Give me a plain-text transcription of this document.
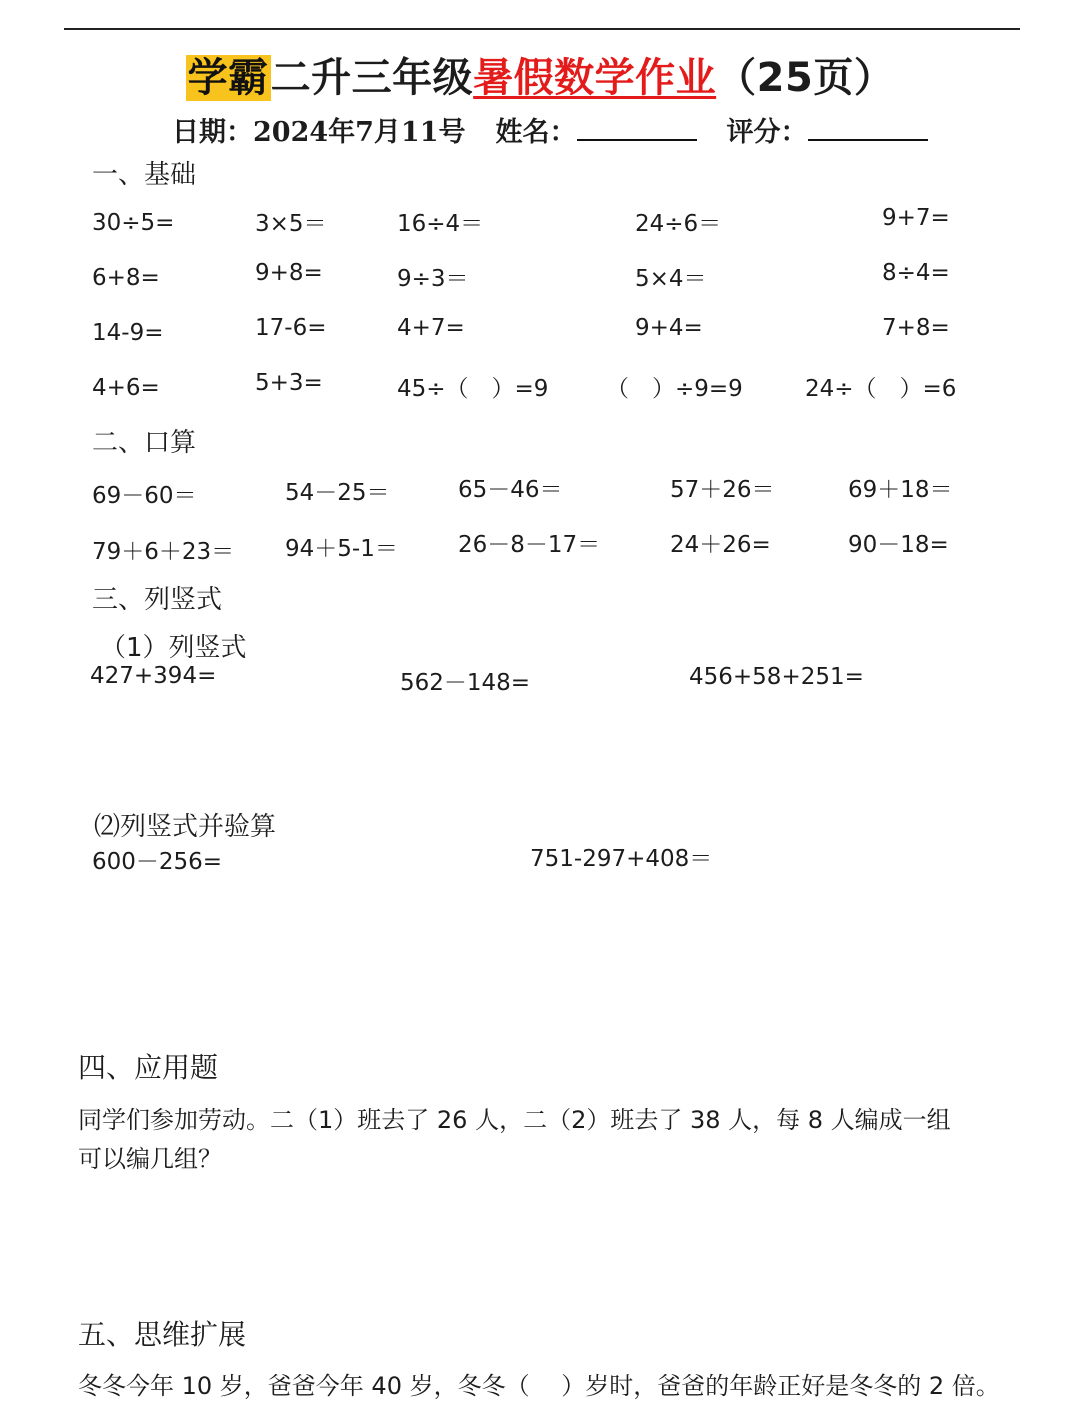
学霸二升三年级暑假数学作业（25页）
日期：2024年7月11号 姓名：	评分：
一、基础
30÷5=	3×5＝	16÷4＝	24÷6＝	9+7=
6+8=	9+8=	9÷3＝	5×4＝	8÷4=
14-9=	17-6=	4+7=	9+4=	7+8=
4+6=	5+3=	45÷（　）=9	（　）÷9=9	24÷（　）=6
二、口算
69－60＝	54－25＝	65－46＝	57＋26＝	69＋18＝
79＋6＋23＝ 94＋5-1＝	26－8－17＝	24＋26=	90－18=
三、列竖式
（1）列竖式
427+394=	562－148=	456+58+251=
⑵列竖式并验算
600－256=	751-297+408＝
四、应用题
同学们参加劳动。二（1）班去了 26 人，二（2）班去了 38 人，每 8 人编成一组
可以编几组？
五、思维扩展
冬冬今年 10 岁，爸爸今年 40 岁，冬冬（　 ）岁时，爸爸的年龄正好是冬冬的 2 倍。
